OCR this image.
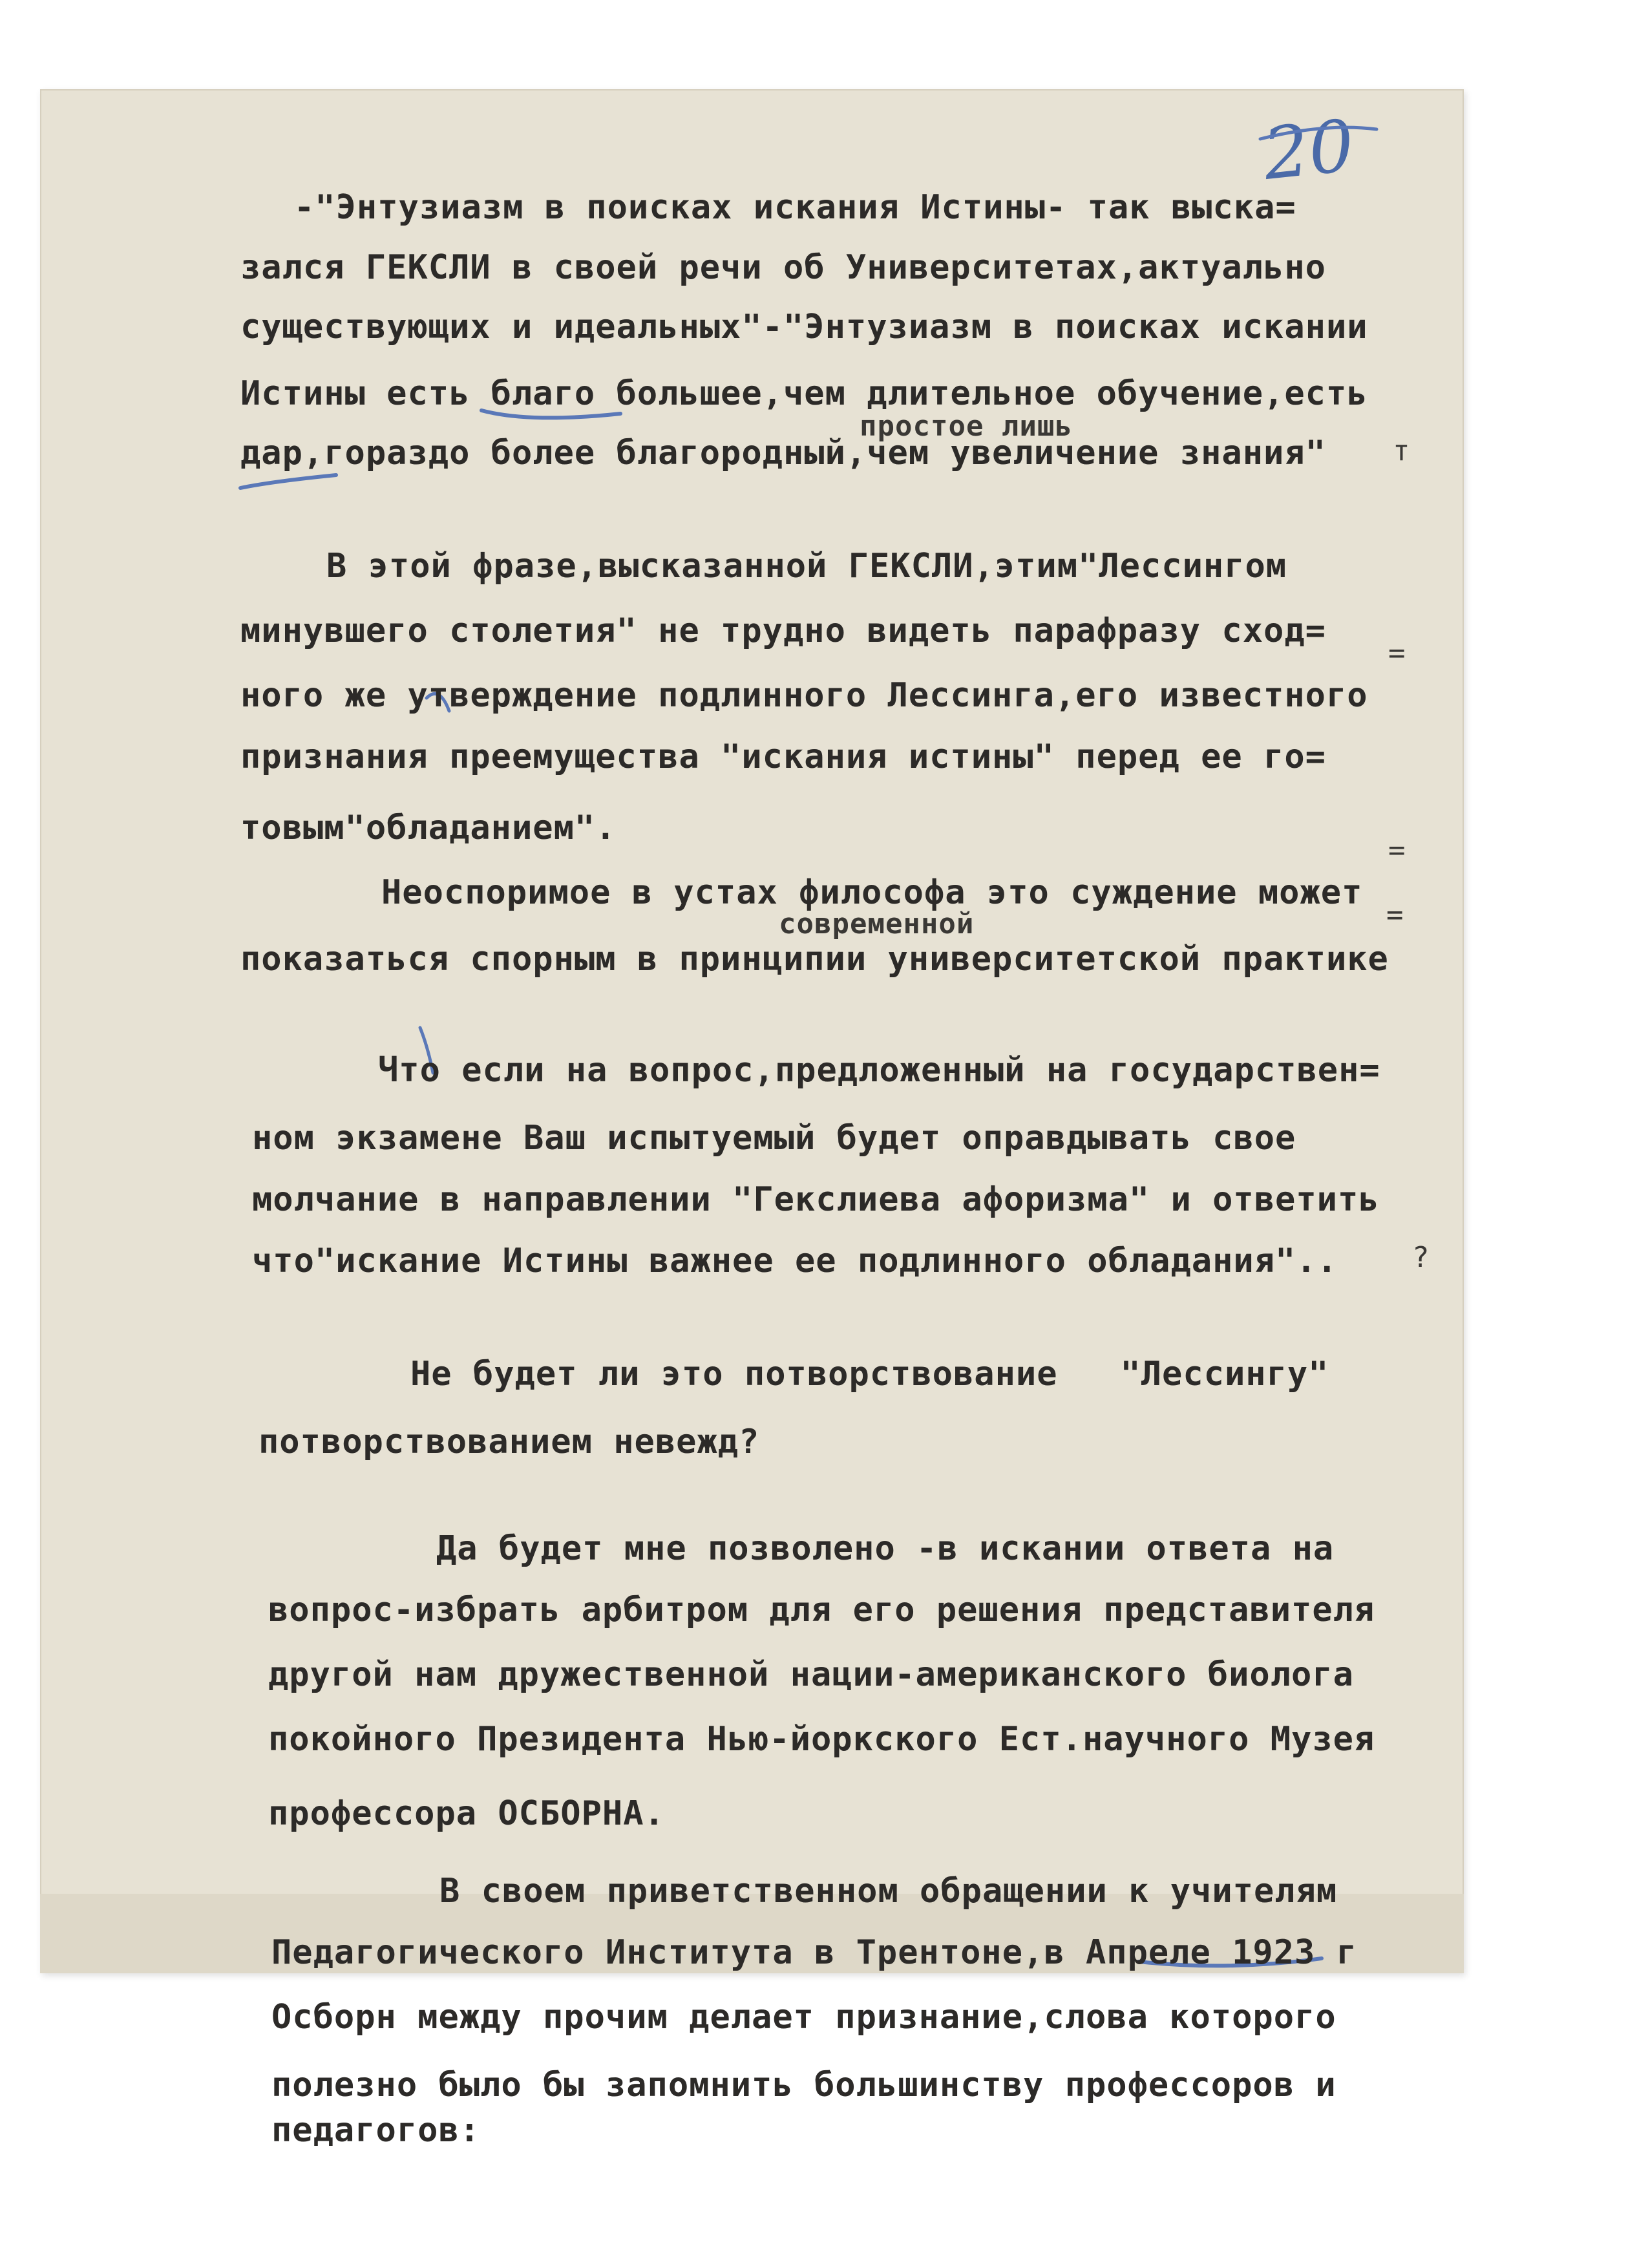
20
-"Энтузиазм в поисках искания Истины- так выска=
зался ГЕКСЛИ в своей речи об Университетах,актуально
существующих и идеальных"-"Энтузиазм в поисках искании
Истины есть благо большее,чем длительное обучение,есть
простое лишь
дар,гораздо более благородный,чем увеличение знания" т
В этой фразе,высказанной ГЕКСЛИ,этим"Лессингом
минувшего столетия" не трудно видеть парафразу сход=
=
ного же утверждение подлинного Лессинга,его известного
признания преемущества "искания истины" перед ее го=
товым"обладанием".
=
Неоспоримое в устах философа это суждение может
современной	=
показаться спорным в принципии университетской практике
Что если на вопрос,предложенный на государствен=
ном экзамене Ваш испытуемый будет оправдывать свое
молчание в направлении "Гекслиева афоризма" и ответить
что"искание Истины важнее ее подлинного обладания"..	?
Не будет ли это потворствование   "Лессингу"
потворствованием невежд?
Да будет мне позволено -в искании ответа на
вопрос-избрать арбитром для его решения представителя
другой нам дружественной нации-американского биолога
покойного Президента Нью-йоркского Ест.научного Музея
профессора ОСБОРНА.
В своем приветственном обращении к учителям
Педагогического Института в Трентоне,в Апреле 1923 г
Осборн между прочим делает признание,слова которого
полезно было бы запомнить большинству профессоров и
педагогов:
